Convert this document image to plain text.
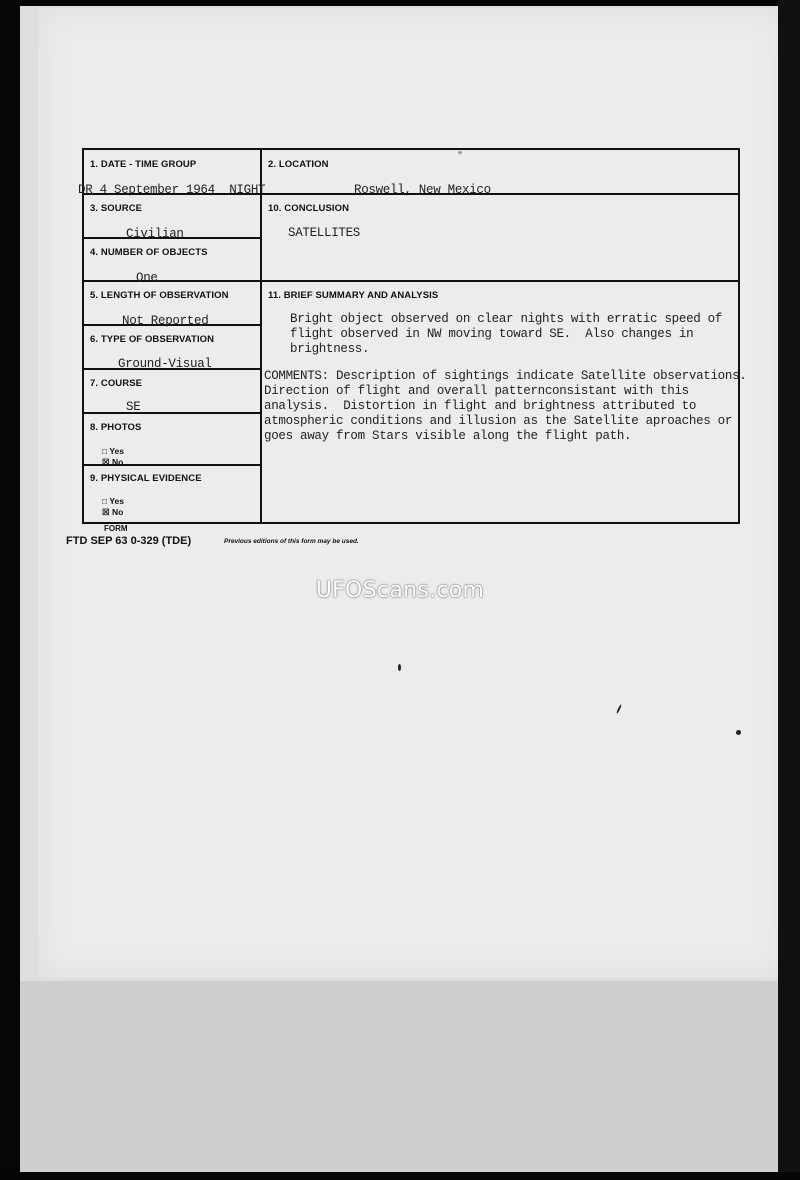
1. DATE - TIME GROUP
DR 4 September 1964  NIGHT
2. LOCATION
Roswell, New Mexico
3. SOURCE
Civilian
10. CONCLUSION
SATELLITES
4. NUMBER OF OBJECTS
One
5. LENGTH OF OBSERVATION
Not Reported
11. BRIEF SUMMARY AND ANALYSIS
Bright object observed on clear nights with erratic speed of
flight observed in NW moving toward SE.  Also changes in
brightness.
COMMENTS: Description of sightings indicate Satellite observations.
Direction of flight and overall patternconsistant with this
analysis.  Distortion in flight and brightness attributed to
atmospheric conditions and illusion as the Satellite aproaches or
goes away from Stars visible along the flight path.
6. TYPE OF OBSERVATION
Ground-Visual
7. COURSE
SE
8. PHOTOS
□ Yes
☒ No
9. PHYSICAL EVIDENCE
□ Yes
☒ No
FORM
FTD SEP 63 0-329 (TDE)	Previous editions of this form may be used.
UFOScans.com
